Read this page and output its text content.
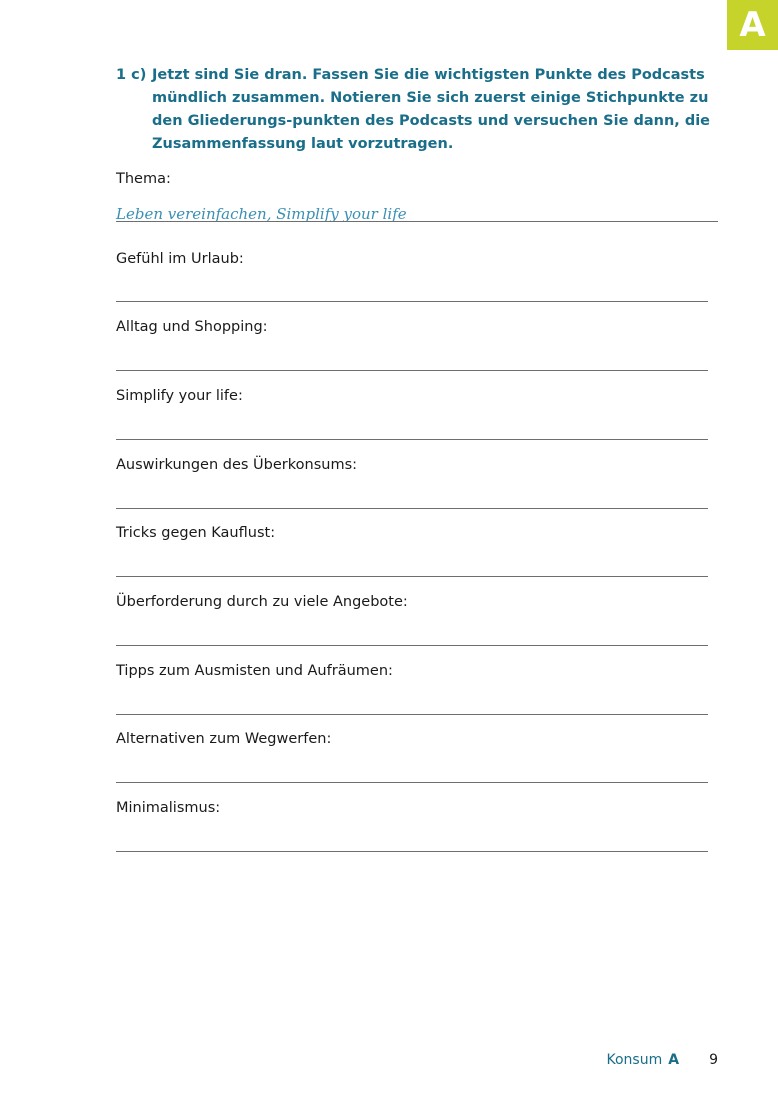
A
1 c) Jetzt sind Sie dran. Fassen Sie die wichtigsten Punkte des Podcasts mündlich zusammen. Notieren Sie sich zuerst einige Stichpunkte zu den Gliederungs-punkten des Podcasts und versuchen Sie dann, die Zusammenfassung laut vorzutragen.
Thema:
Leben vereinfachen, Simplify your life
Gefühl im Urlaub:
Alltag und Shopping:
Simplify your life:
Auswirkungen des Überkonsums:
Tricks gegen Kauflust:
Überforderung durch zu viele Angebote:
Tipps zum Ausmisten und Aufräumen:
Alternativen zum Wegwerfen:
Minimalismus:
Konsum A 9
